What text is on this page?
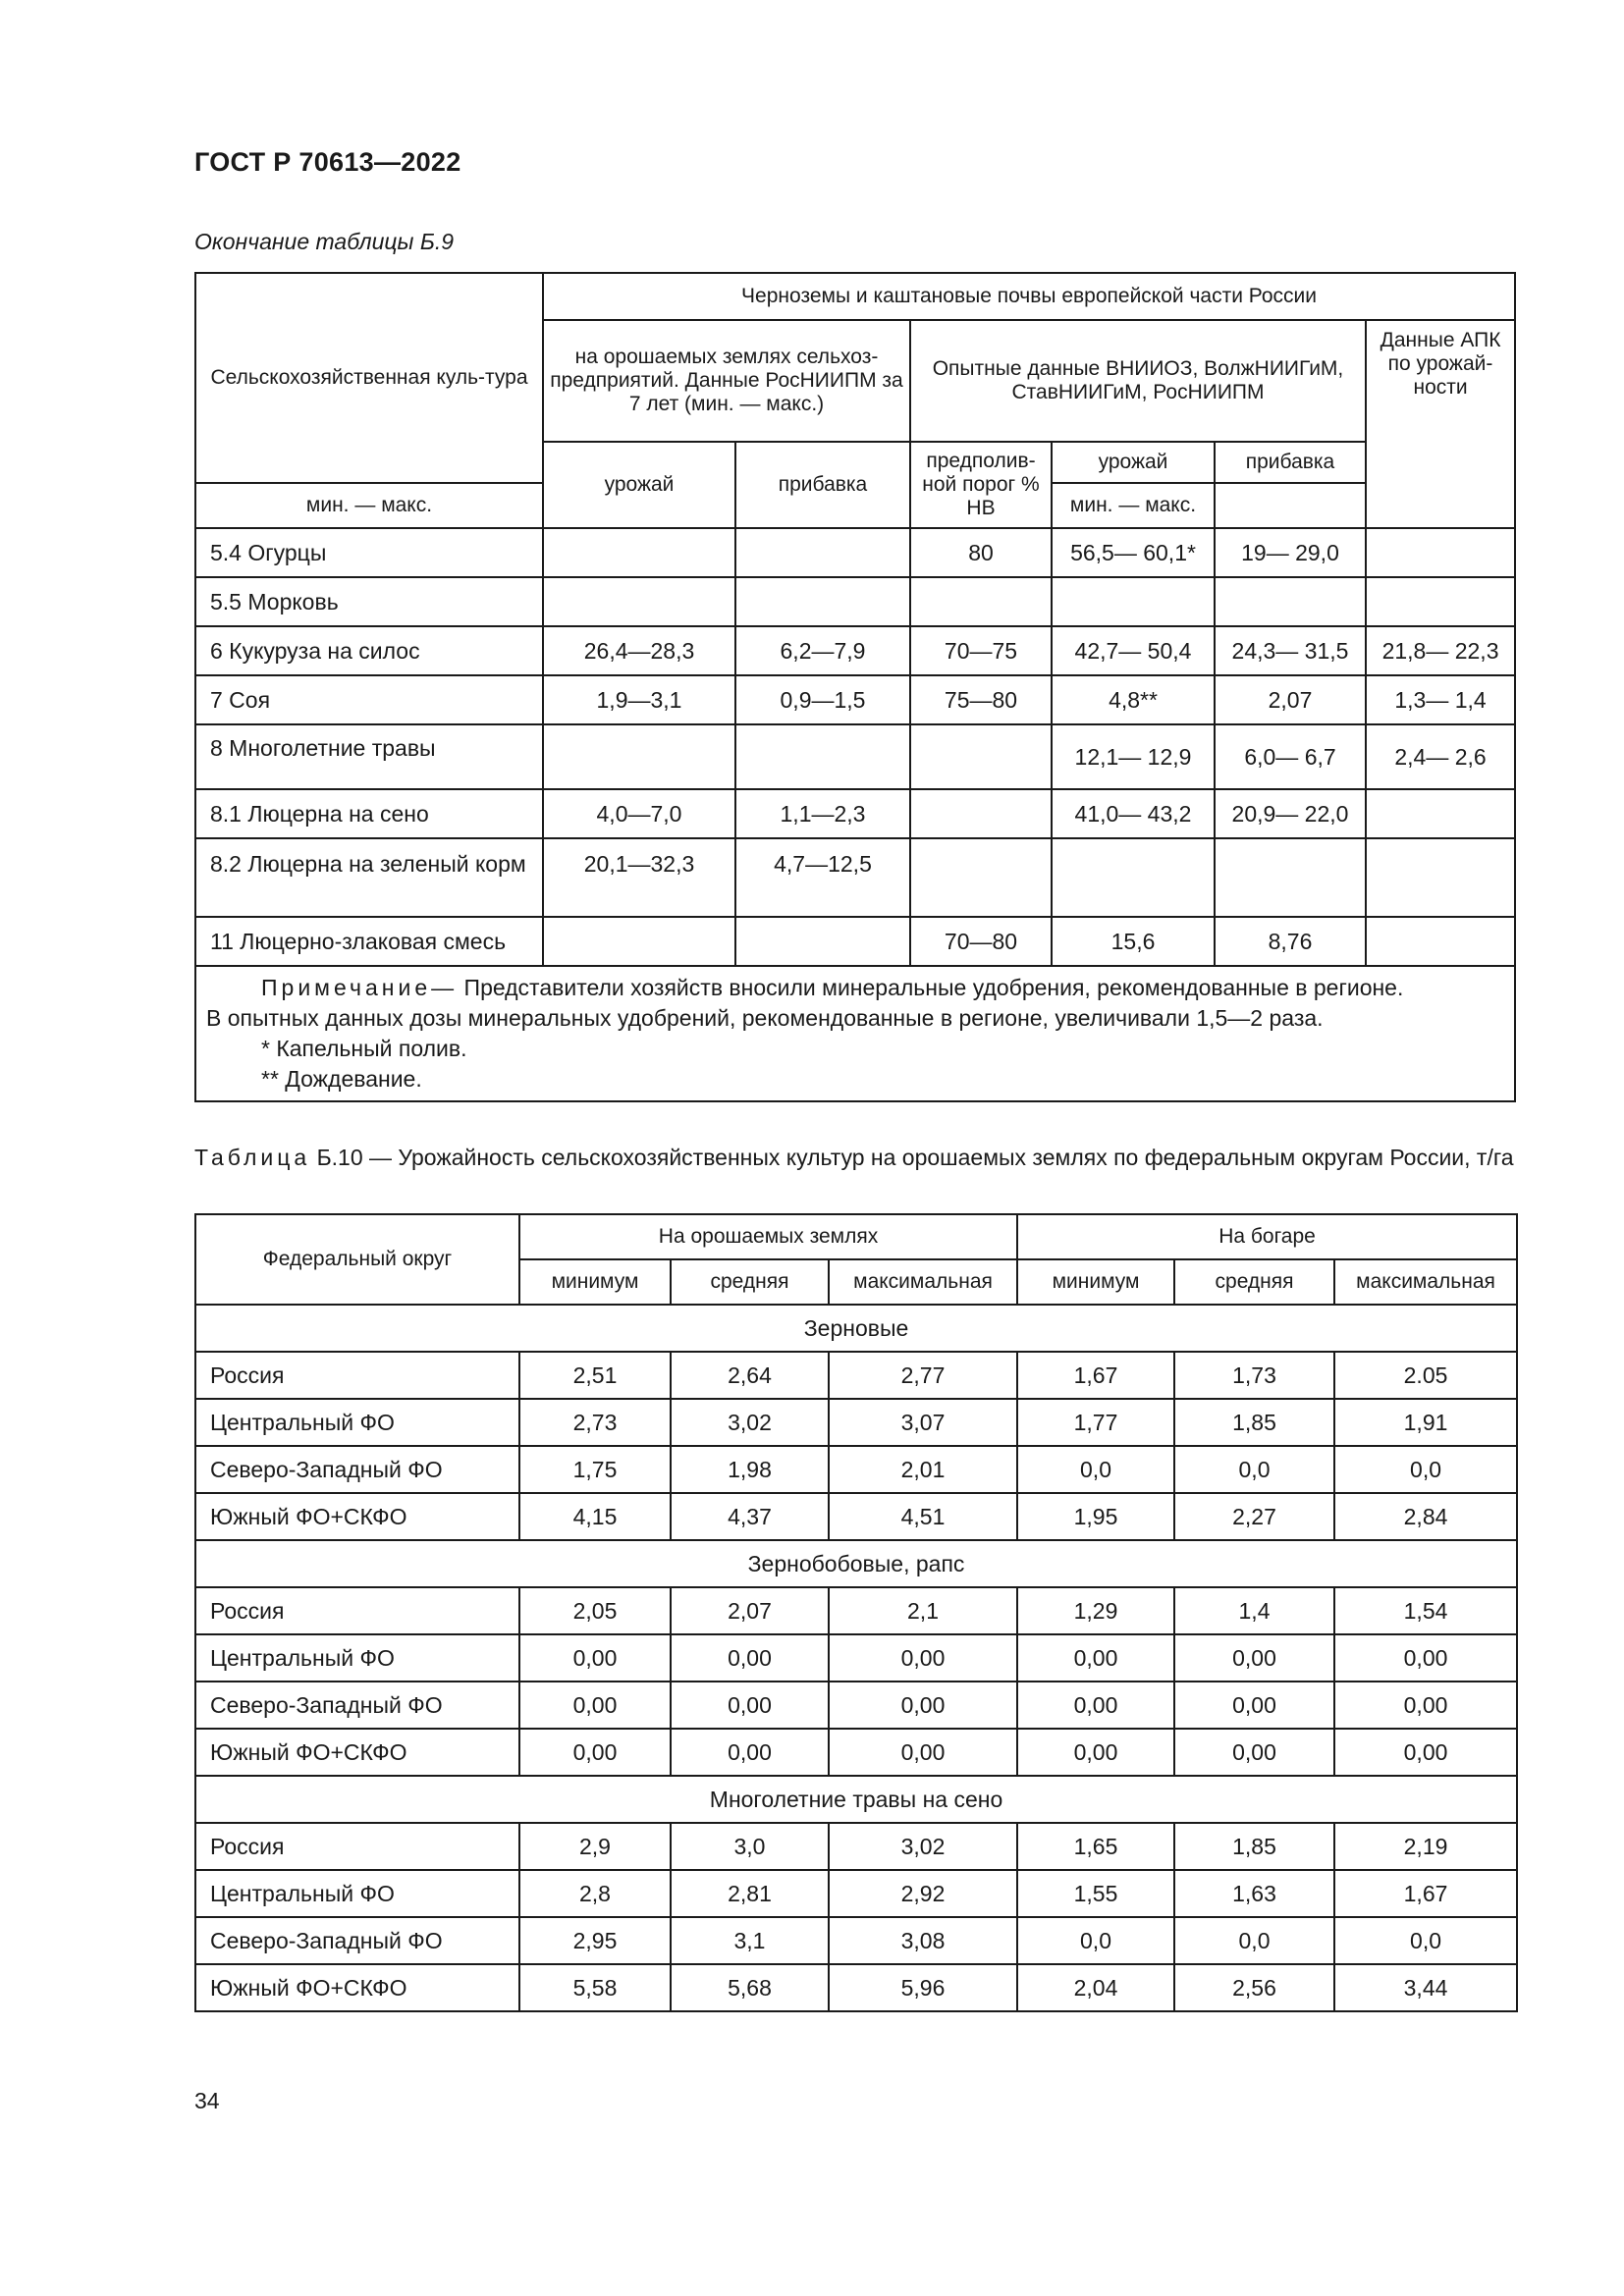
ГОСТ Р 70613—2022
Окончание таблицы Б.9
Сельскохозяйственная куль-тура	Черноземы и каштановые почвы европейской части России					
	на орошаемых землях сельхоз-предприятий. Данные РосНИИПМ за 7 лет (мин. — макс.)		Опытные данные ВНИИОЗ, ВолжНИИГиМ, СтавНИИГиМ, РосНИИПМ			Данные АПК по урожай-ности
	урожай	прибавка	предполив-ной порог % НВ	урожай	прибавка	
мин. — макс.				мин. — макс.		
5.4 Огурцы			80	56,5— 60,1*	19— 29,0	
5.5 Морковь						
6 Кукуруза на силос	26,4—28,3	6,2—7,9	70—75	42,7— 50,4	24,3— 31,5	21,8— 22,3
7 Соя	1,9—3,1	0,9—1,5	75—80	4,8**	2,07	1,3— 1,4
8 Многолетние травы				12,1— 12,9	6,0— 6,7	2,4— 2,6
8.1 Люцерна на сено	4,0—7,0	1,1—2,3		41,0— 43,2	20,9— 22,0	
8.2 Люцерна на зеленый корм	20,1—32,3	4,7—12,5				
11 Люцерно-злаковая смесь			70—80	15,6	8,76	

Примечание— Представители хозяйств вносили минеральные удобрения, рекомендованные в регионе.
В опытных данных дозы минеральных удобрений, рекомендованные в регионе, увеличивали 1,5—2 раза.
* Капельный полив.
** Дождевание.						
Таблица Б.10 — Урожайность сельскохозяйственных культур на орошаемых землях по федеральным округам России, т/га
Федеральный округ	На орошаемых землях			На богаре		
	минимум	средняя	максимальная	минимум	средняя	максимальная
Зерновые						
Россия	2,51	2,64	2,77	1,67	1,73	2.05
Центральный ФО	2,73	3,02	3,07	1,77	1,85	1,91
Северо-Западный ФО	1,75	1,98	2,01	0,0	0,0	0,0
Южный ФО+СКФО	4,15	4,37	4,51	1,95	2,27	2,84
Зернобобовые, рапс						
Россия	2,05	2,07	2,1	1,29	1,4	1,54
Центральный ФО	0,00	0,00	0,00	0,00	0,00	0,00
Северо-Западный ФО	0,00	0,00	0,00	0,00	0,00	0,00
Южный ФО+СКФО	0,00	0,00	0,00	0,00	0,00	0,00
Многолетние травы на сено						
Россия	2,9	3,0	3,02	1,65	1,85	2,19
Центральный ФО	2,8	2,81	2,92	1,55	1,63	1,67
Северо-Западный ФО	2,95	3,1	3,08	0,0	0,0	0,0
Южный ФО+СКФО	5,58	5,68	5,96	2,04	2,56	3,44
34
